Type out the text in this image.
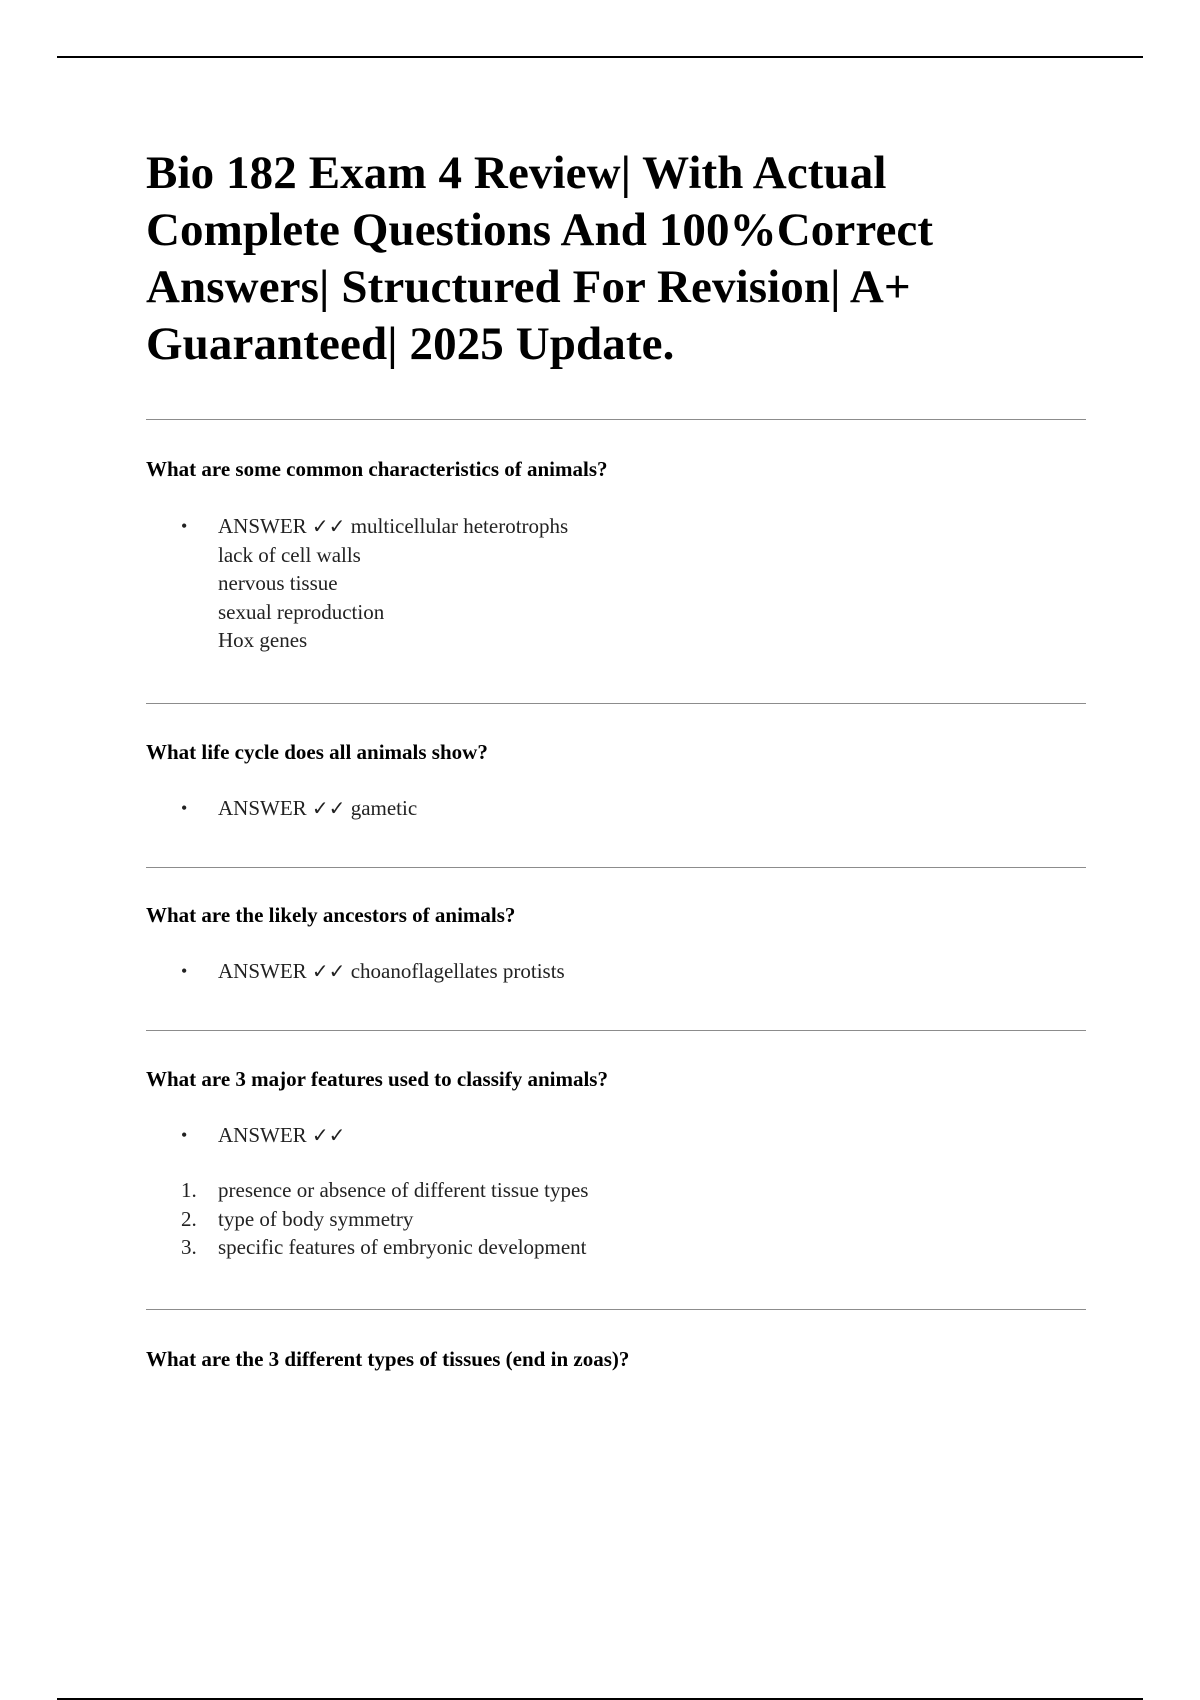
Bio 182 Exam 4 Review| With Actual Complete Questions And 100%Correct Answers| Structured For Revision| A+ Guaranteed| 2025 Update.

What are some common characteristics of animals?

• ANSWER ✓✓ multicellular heterotrophs
lack of cell walls
nervous tissue
sexual reproduction
Hox genes

What life cycle does all animals show?

• ANSWER ✓✓ gametic

What are the likely ancestors of animals?

• ANSWER ✓✓ choanoflagellates protists

What are 3 major features used to classify animals?

• ANSWER ✓✓
1. presence or absence of different tissue types
2. type of body symmetry
3. specific features of embryonic development

What are the 3 different types of tissues (end in zoas)?
